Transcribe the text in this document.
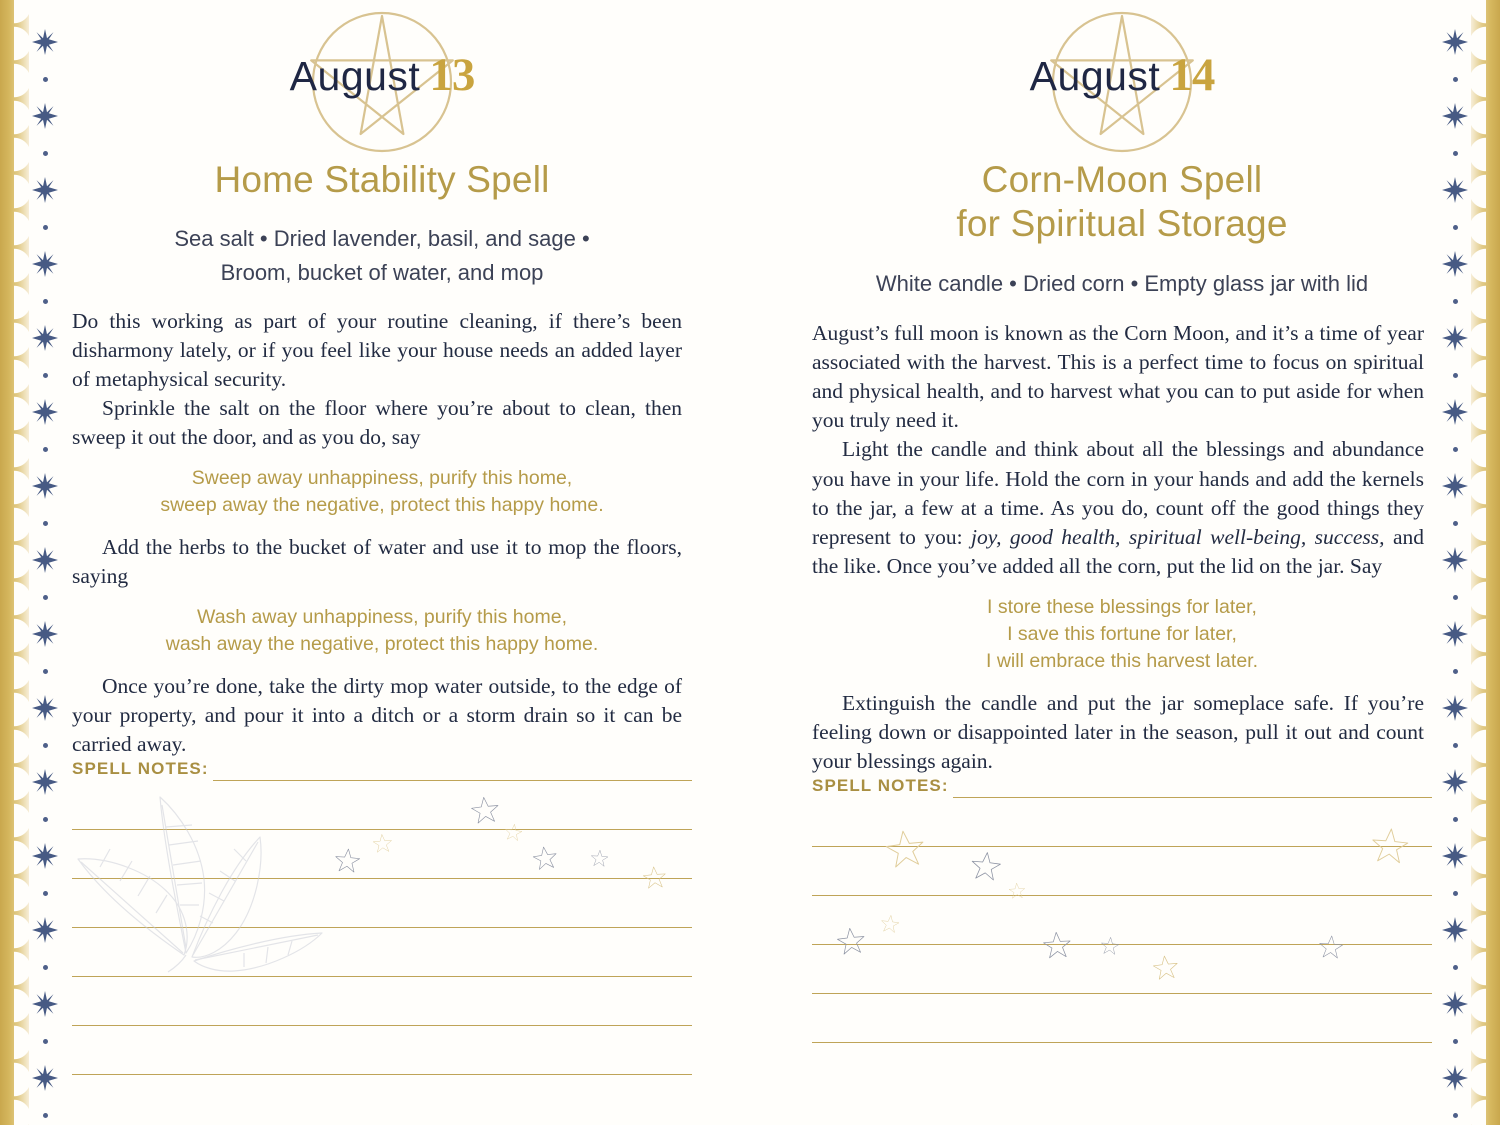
August 13
Home Stability Spell
Sea salt • Dried lavender, basil, and sage •
Broom, bucket of water, and mop

Do this working as part of your routine cleaning, if there’s been disharmony lately, or if you feel like your house needs an added layer of metaphysical security.

Sprinkle the salt on the floor where you’re about to clean, then sweep it out the door, and as you do, say

Sweep away unhappiness, purify this home,
sweep away the negative, protect this happy home.

Add the herbs to the bucket of water and use it to mop the floors, saying

Wash away unhappiness, purify this home,
wash away the negative, protect this happy home.

Once you’re done, take the dirty mop water outside, to the edge of your property, and pour it into a ditch or a storm drain so it can be carried away.

SPELL NOTES:
August 14
Corn-Moon Spell
for Spiritual Storage
White candle • Dried corn • Empty glass jar with lid

August’s full moon is known as the Corn Moon, and it’s a time of year associated with the harvest. This is a perfect time to focus on spiritual and physical health, and to harvest what you can to put aside for when you truly need it.

Light the candle and think about all the blessings and abundance you have in your life. Hold the corn in your hands and add the kernels to the jar, a few at a time. As you do, count off the good things they represent to you: joy, good health, spiritual well-being, success, and the like. Once you’ve added all the corn, put the lid on the jar. Say

I store these blessings for later,
I save this fortune for later,
I will embrace this harvest later.

Extinguish the candle and put the jar someplace safe. If you’re feeling down or disappointed later in the season, pull it out and count your blessings again.

SPELL NOTES:
